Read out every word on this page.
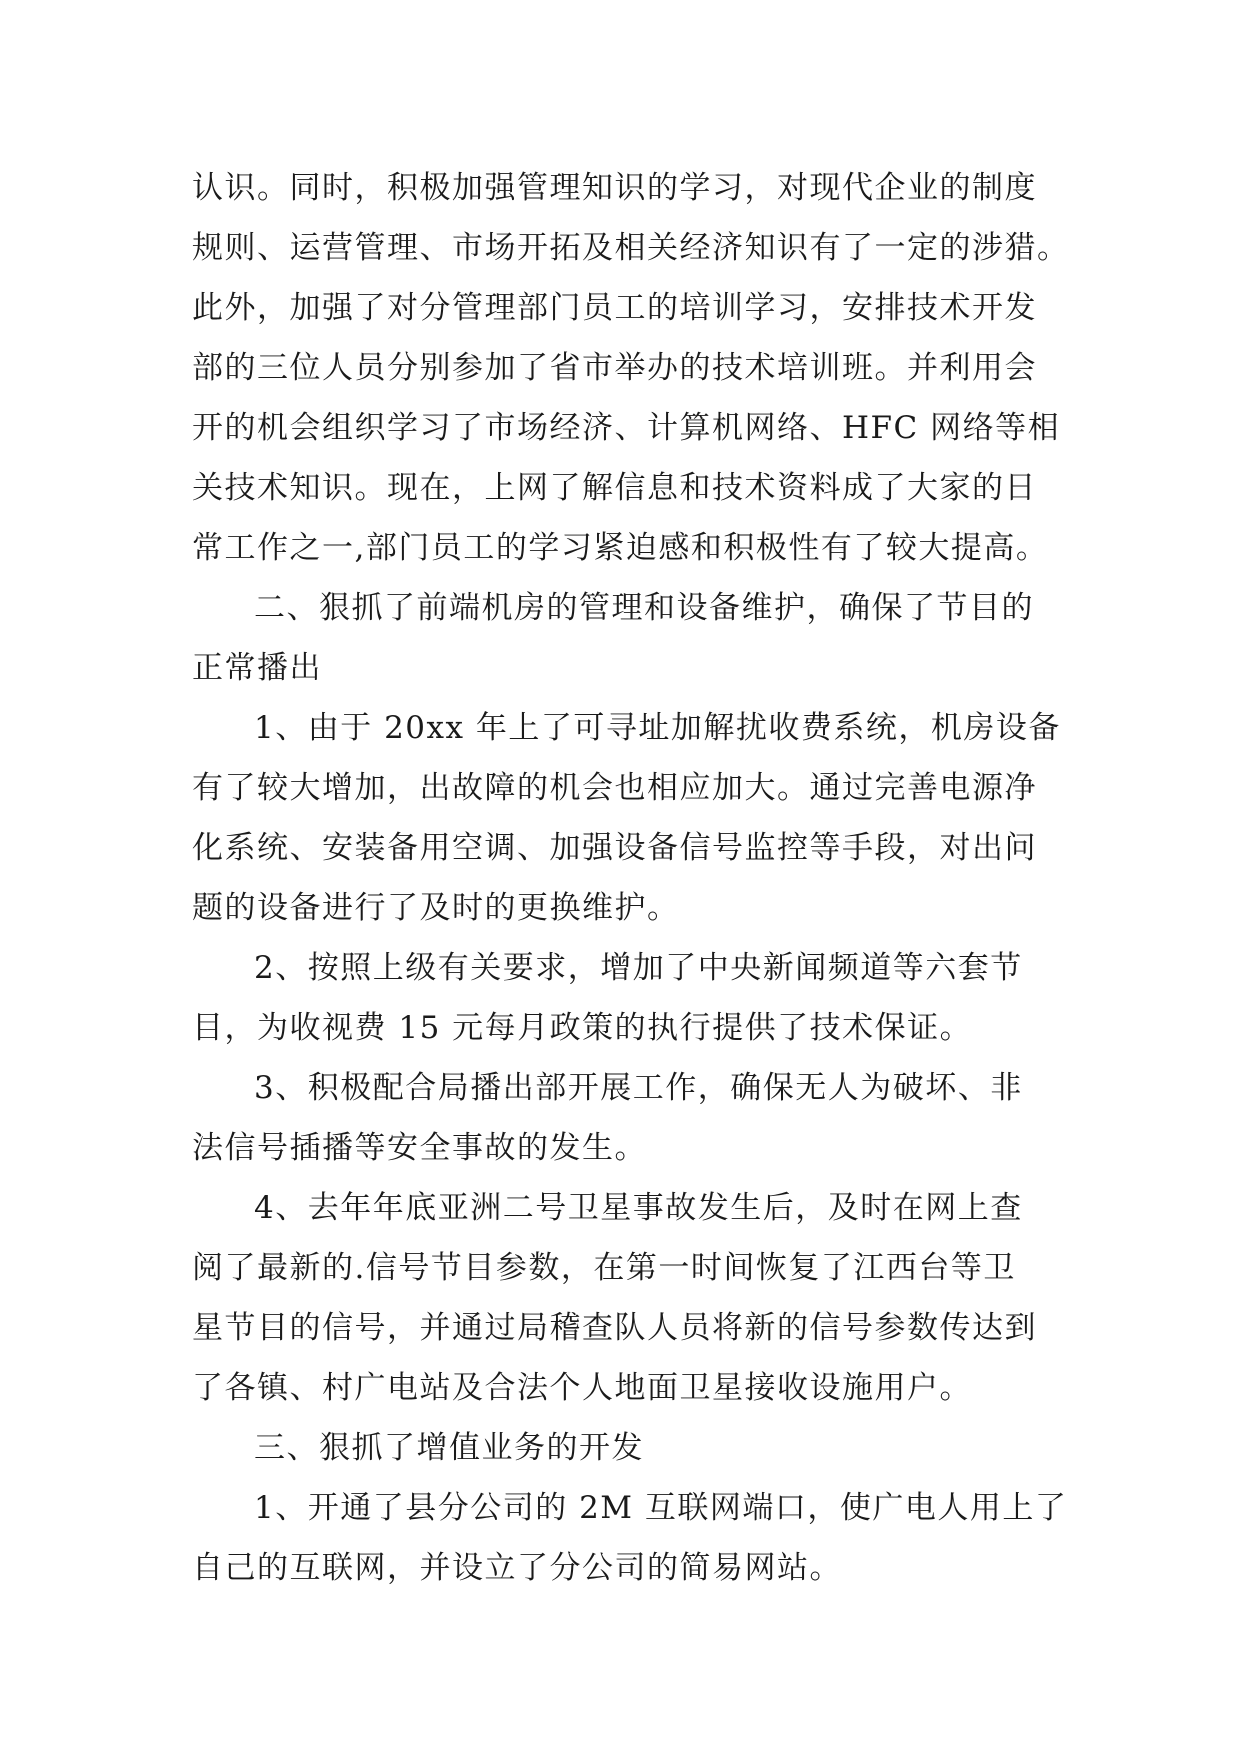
认识。同时，积极加强管理知识的学习，对现代企业的制度
规则、运营管理、市场开拓及相关经济知识有了一定的涉猎。
此外，加强了对分管理部门员工的培训学习，安排技术开发
部的三位人员分别参加了省市举办的技术培训班。并利用会
开的机会组织学习了市场经济、计算机网络、HFC 网络等相
关技术知识。现在，上网了解信息和技术资料成了大家的日
常工作之一,部门员工的学习紧迫感和积极性有了较大提高。
二、狠抓了前端机房的管理和设备维护，确保了节目的
正常播出
1、由于 20xx 年上了可寻址加解扰收费系统，机房设备
有了较大增加，出故障的机会也相应加大。通过完善电源净
化系统、安装备用空调、加强设备信号监控等手段，对出问
题的设备进行了及时的更换维护。
2、按照上级有关要求，增加了中央新闻频道等六套节
目，为收视费 15 元每月政策的执行提供了技术保证。
3、积极配合局播出部开展工作，确保无人为破坏、非
法信号插播等安全事故的发生。
4、去年年底亚洲二号卫星事故发生后，及时在网上查
阅了最新的.信号节目参数，在第一时间恢复了江西台等卫
星节目的信号，并通过局稽查队人员将新的信号参数传达到
了各镇、村广电站及合法个人地面卫星接收设施用户。
三、狠抓了增值业务的开发
1、开通了县分公司的 2M 互联网端口，使广电人用上了
自己的互联网，并设立了分公司的简易网站。
